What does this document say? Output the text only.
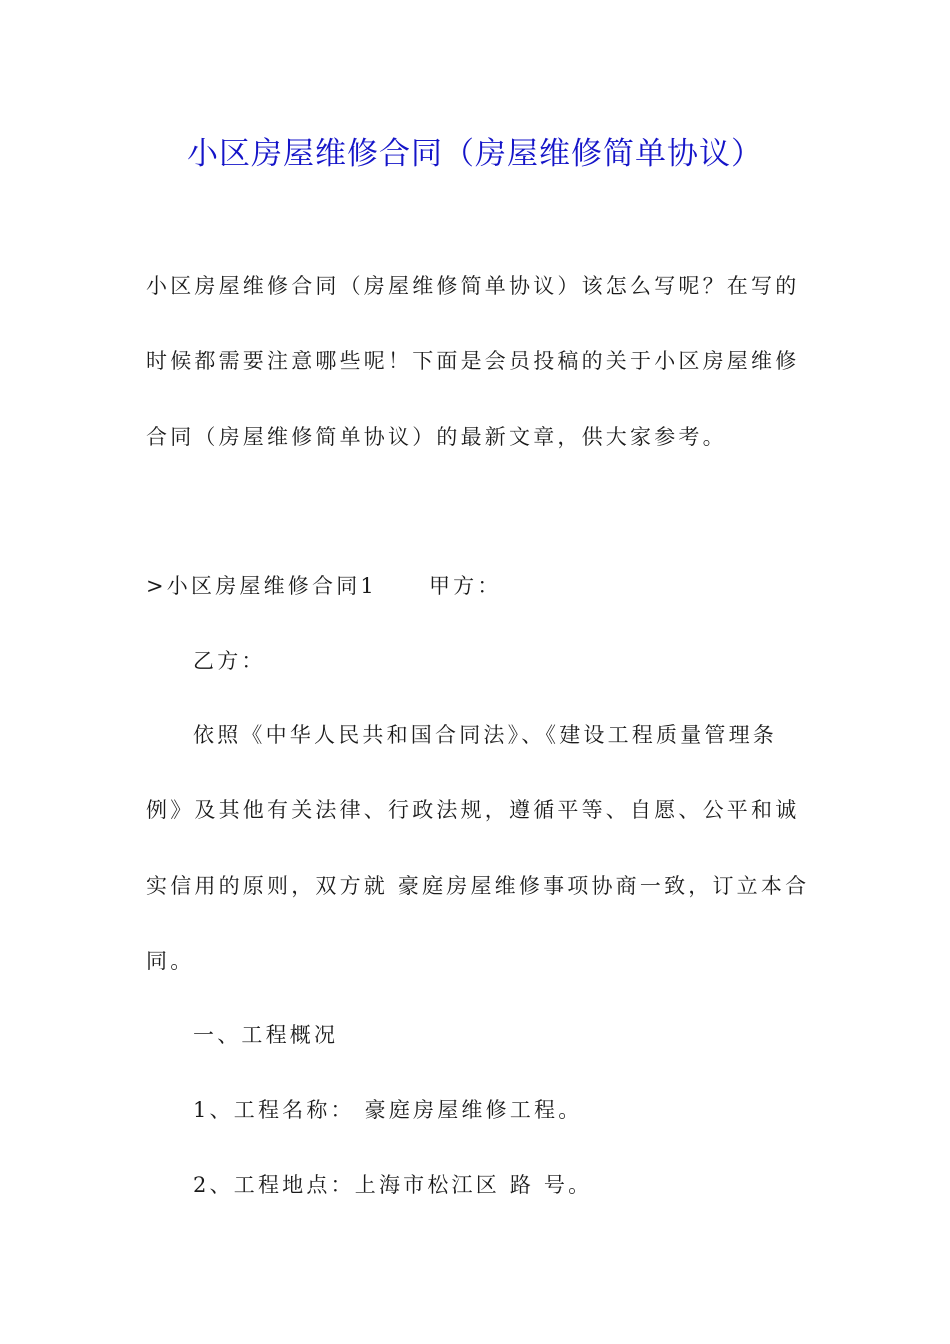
小区房屋维修合同（房屋维修简单协议）
小区房屋维修合同（房屋维修简单协议）该怎么写呢？在写的
时候都需要注意哪些呢！下面是会员投稿的关于小区房屋维修
合同（房屋维修简单协议）的最新文章，供大家参考。
>小区房屋维修合同1 甲方：
乙方：
依照《中华人民共和国合同法》、《建设工程质量管理条
例》及其他有关法律、行政法规，遵循平等、自愿、公平和诚
实信用的原则，双方就 豪庭房屋维修事项协商一致，订立本合
同。
一、工程概况
1、工程名称： 豪庭房屋维修工程。
2、工程地点：上海市松江区 路 号。
